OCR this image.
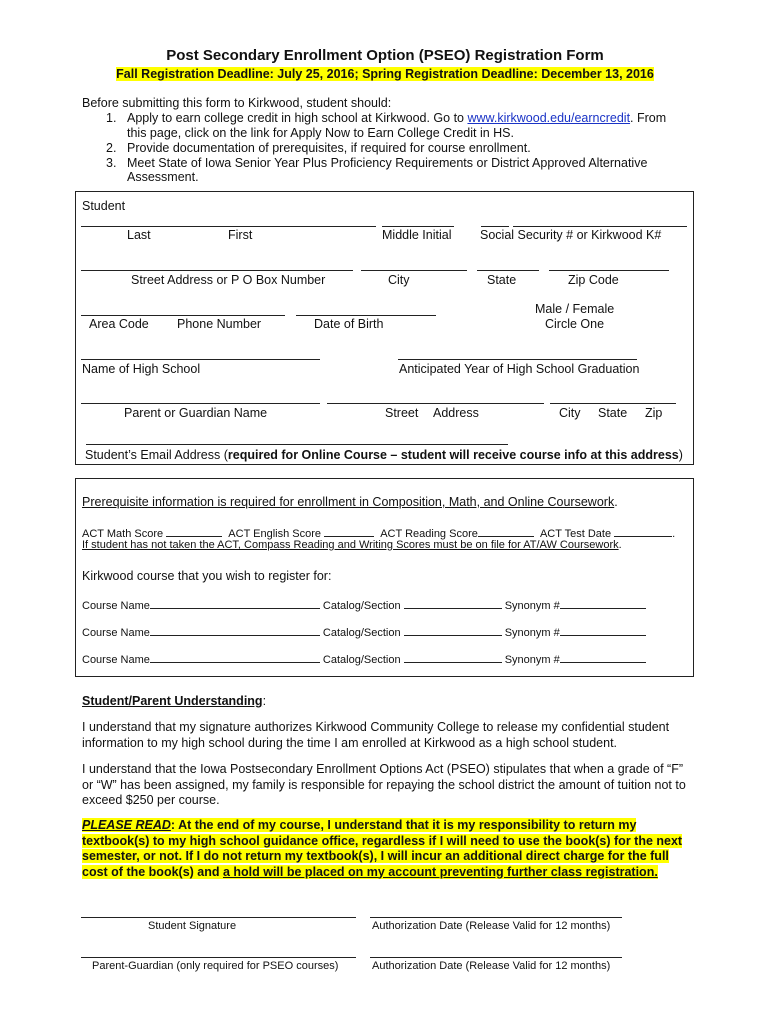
Post Secondary Enrollment Option (PSEO) Registration Form
Fall Registration Deadline: July 25, 2016; Spring Registration Deadline: December 13, 2016
Before submitting this form to Kirkwood, student should:
1. Apply to earn college credit in high school at Kirkwood. Go to www.kirkwood.edu/earncredit. From
this page, click on the link for Apply Now to Earn College Credit in HS.
2. Provide documentation of prerequisites, if required for course enrollment.
3. Meet State of Iowa Senior Year Plus Proficiency Requirements or District Approved Alternative
Assessment.
Student
Last	First	Middle Initial Social Security # or Kirkwood K#
Street Address or P O Box Number	City	State	Zip Code
Male / Female
Area Code Phone Number	Date of Birth	Circle One
Name of High School	Anticipated Year of High School Graduation
Parent or Guardian Name	Street Address	City State Zip
Student’s Email Address (required for Online Course – student will receive course info at this address)
Prerequisite information is required for enrollment in Composition, Math, and Online Coursework.
ACT Math Score	ACT English Score	ACT Reading Score	ACT Test Date	.
If student has not taken the ACT, Compass Reading and Writing Scores must be on file for AT/AW Coursework.
Kirkwood course that you wish to register for:
Course Name	Catalog/Section	Synonym #
Course Name	Catalog/Section	Synonym #
Course Name	Catalog/Section	Synonym #
Student/Parent Understanding:
I understand that my signature authorizes Kirkwood Community College to release my confidential student information to my high school during the time I am enrolled at Kirkwood as a high school student.
I understand that the Iowa Postsecondary Enrollment Options Act (PSEO) stipulates that when a grade of “F” or “W” has been assigned, my family is responsible for repaying the school district the amount of tuition not to exceed $250 per course.
PLEASE READ: At the end of my course, I understand that it is my responsibility to return my textbook(s) to my high school guidance office, regardless if I will need to use the book(s) for the next semester, or not. If I do not return my textbook(s), I will incur an additional direct charge for the full cost of the book(s) and a hold will be placed on my account preventing further class registration.
Student Signature	Authorization Date (Release Valid for 12 months)
Parent-Guardian (only required for PSEO courses)	Authorization Date (Release Valid for 12 months)
